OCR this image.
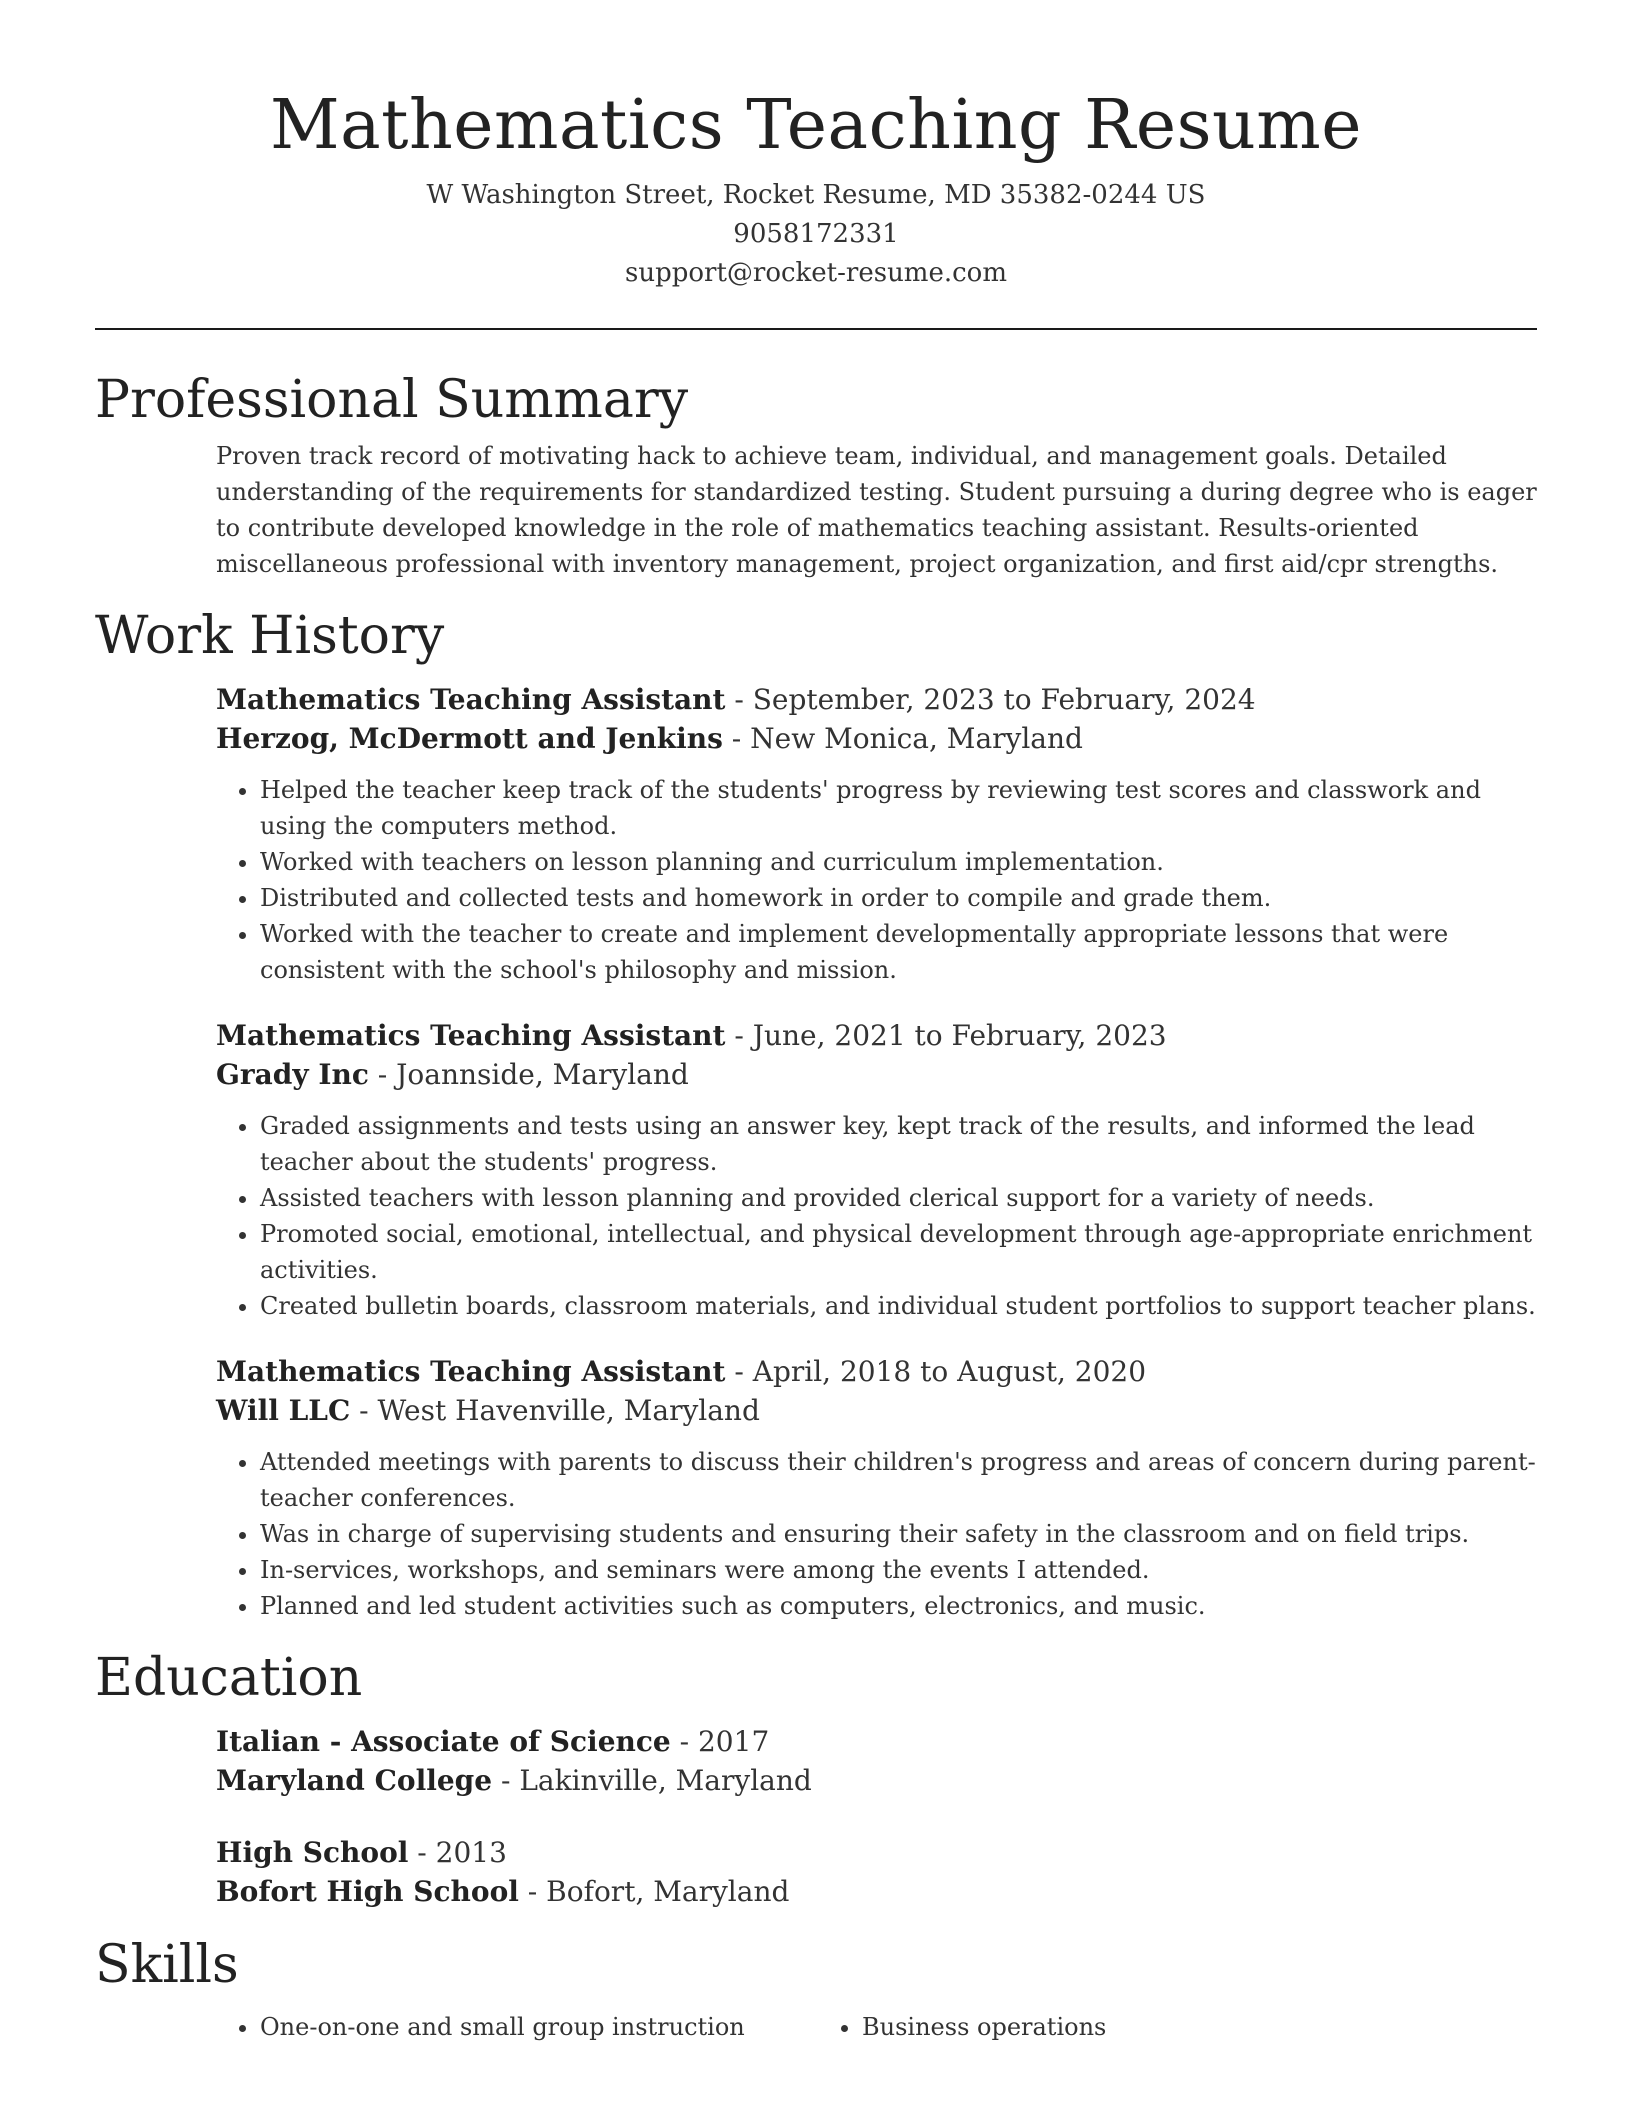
Mathematics Teaching Resume
W Washington Street, Rocket Resume, MD 35382-0244 US
9058172331
support@rocket-resume.com
Professional Summary

Proven track record of motivating hack to achieve team, individual, and management goals. Detailed understanding of the requirements for standardized testing. Student pursuing a during degree who is eager to contribute developed knowledge in the role of mathematics teaching assistant. Results-oriented miscellaneous professional with inventory management, project organization, and first aid/cpr strengths.

Work History
Mathematics Teaching Assistant - September, 2023 to February, 2024
Herzog, McDermott and Jenkins - New Monica, Maryland
• Helped the teacher keep track of the students' progress by reviewing test scores and classwork and using the computers method.
• Worked with teachers on lesson planning and curriculum implementation.
• Distributed and collected tests and homework in order to compile and grade them.
• Worked with the teacher to create and implement developmentally appropriate lessons that were consistent with the school's philosophy and mission.
Mathematics Teaching Assistant - June, 2021 to February, 2023
Grady Inc - Joannside, Maryland
• Graded assignments and tests using an answer key, kept track of the results, and informed the lead teacher about the students' progress.
• Assisted teachers with lesson planning and provided clerical support for a variety of needs.
• Promoted social, emotional, intellectual, and physical development through age-appropriate enrichment activities.
• Created bulletin boards, classroom materials, and individual student portfolios to support teacher plans.
Mathematics Teaching Assistant - April, 2018 to August, 2020
Will LLC - West Havenville, Maryland
• Attended meetings with parents to discuss their children's progress and areas of concern during parent-teacher conferences.
• Was in charge of supervising students and ensuring their safety in the classroom and on field trips.
• In-services, workshops, and seminars were among the events I attended.
• Planned and led student activities such as computers, electronics, and music.
Education
Italian - Associate of Science - 2017
Maryland College - Lakinville, Maryland
High School - 2013
Bofort High School - Bofort, Maryland
Skills
• One-on-one and small group instruction
•	Business operations
